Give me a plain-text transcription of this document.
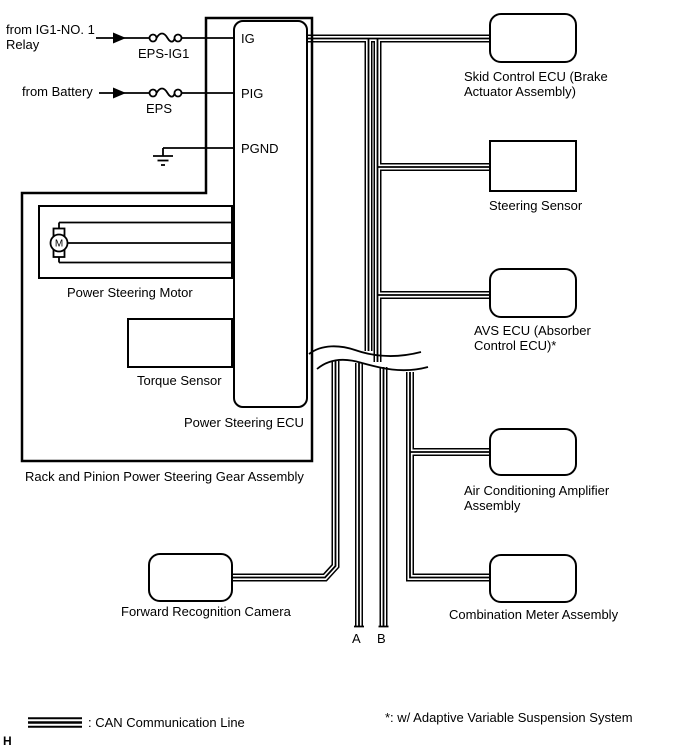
M
from IG1-NO. 1
Relay
from Battery
EPS-IG1
EPS
IG
PIG
PGND
Power Steering Motor
Torque Sensor
Power Steering ECU
Rack and Pinion Power Steering Gear Assembly
Skid Control ECU (Brake
Actuator Assembly)
Steering Sensor
AVS ECU (Absorber
Control ECU)*
Air Conditioning Amplifier
Assembly
Combination Meter Assembly
Forward Recognition Camera
A B
: CAN Communication Line	*: w/ Adaptive Variable Suspension System
H
